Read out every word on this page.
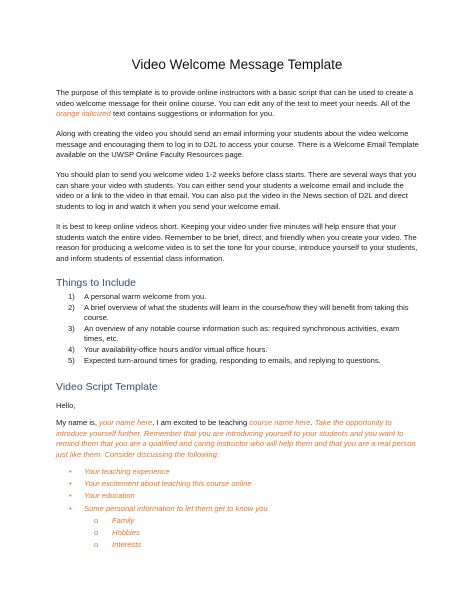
Video Welcome Message Template

The purpose of this template is to provide online instructors with a basic script that can be used to create a video welcome message for their online course. You can edit any of the text to meet your needs. All of the orange italicized text contains suggestions or information for you.

Along with creating the video you should send an email informing your students about the video welcome message and encouraging them to log in to D2L to access your course. There is a Welcome Email Template available on the UWSP Online Faculty Resources page.

You should plan to send you welcome video 1-2 weeks before class starts. There are several ways that you can share your video with students. You can either send your students a welcome email and include the video or a link to the video in that email. You can also put the video in the News section of D2L and direct students to log in and watch it when you send your welcome email.

It is best to keep online videos short. Keeping your video under five minutes will help ensure that your students watch the entire video. Remember to be brief, direct, and friendly when you create your video. The reason for producing a welcome video is to set the tone for your course, introduce yourself to your students, and inform students of essential class information.

Things to Include
1) A personal warm welcome from you.
2) A brief overview of what the students will learn in the course/how they will benefit from taking this course.
3) An overview of any notable course information such as: required synchronous activities, exam times, etc.
4) Your availability-office hours and/or virtual office hours.
5) Expected turn-around times for grading, responding to emails, and replying to questions.
Video Script Template

Hello,

My name is, your name here, I am excited to be teaching course name here. Take the opportunity to introduce yourself further. Remember that you are introducing yourself to your students and you want to remind them that you are a qualified and caring instructor who will help them and that you are a real person just like them. Consider discussing the following:

• Your teaching experience
• Your excitement about teaching this course online
• Your education
• Some personal information to let them get to know you
o Family
o Hobbies
o Interests
